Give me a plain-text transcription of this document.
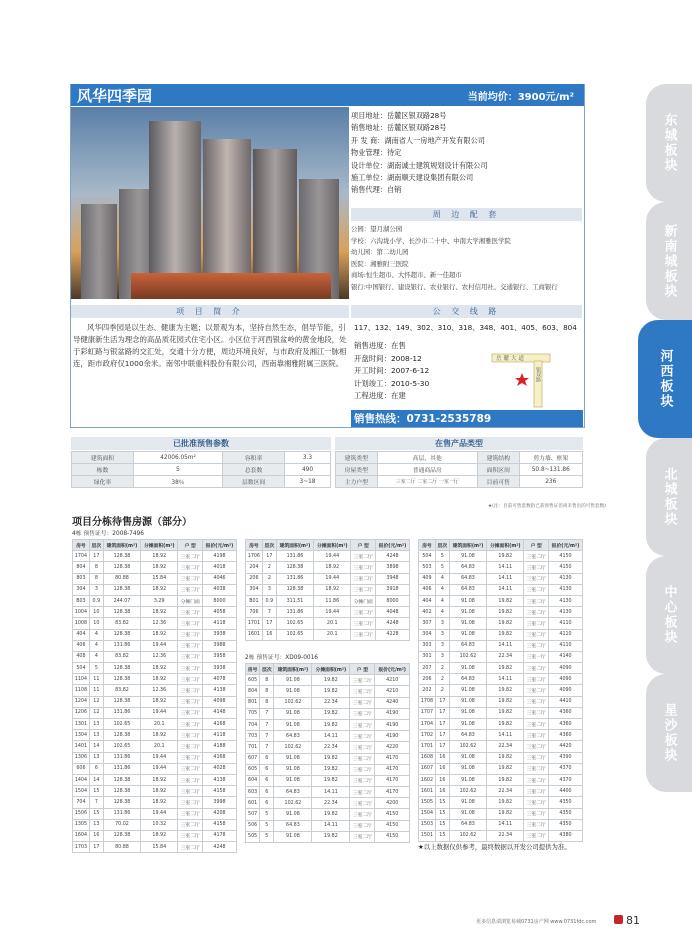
东城板块
新南城板块
河西板块
北城板块
中心板块
星沙板块
风华四季园	当前均价：3900元/m²
项目地址：岳麓区银双路28号
销售地址：岳麓区银双路28号
开 发 商：湖南省人一房地产开发有限公司
物业管理：待定
设计单位：湖南诚士建筑规划设计有限公司
施工单位：湖南顺天建设集团有限公司
销售代理：自销
周 边 配 套
公园：望月湖公园
学校：六沟垅小学、长沙市二十中、中南大学湘雅医学院
幼儿园：第二幼儿园
医院：湘雅附三医院
商场:恒生超市、大怀超市、新一佳超市
银行:中国银行、建设银行、农业银行、农村信用社、交通银行、工商银行
项 目 简 介
风华四季园是以生态、健康为主题；以景观为本，坚持自然生态，倡导节能，引导健康新生活为理念的高品质花园式住宅小区。小区位于河西银盆岭的黄金地段，处于彩虹路与银盆路的交汇处，交通十分方便，周边环境良好，与市政府及湘江一脉相连，距市政府仅1000余米。南邻中联重科股份有限公司，西南靠湘雅附属三医院。
公 交 线 路
117、132、149、302、310、318、348、401、405、603、804
销售进度：在售
开盘时间：2008-12
开工时间：2007-6-12
计划竣工：2010-5-30
工程进度：在建
岳麓大道
银双路
销售热线：0731-2535789
已批准预售参数
建筑面积	42006.05m²	容积率	3.3
栋数	5	总套数	490
绿化率	38％	层数区间	3~18
在售产品类型
建筑类型	高层、其他	建筑结构	剪力墙、框架
房屋类型	普通商品房	面积区间	50.8~131.86
主力户型	三室二厅 二室二厅 一室一厅	目前可售	236
★(注：目前可售套数指已获预售证但尚未售出的可售套数)
项目分栋待售房源（部分）
4栋 预售证号：2008-7496
房号	层次	建筑面积(m²)	分摊面积(m²)	户 型	报价(元/m²)
1704	17	128.38	18.92	三室二厅	4198
804	8	128.38	18.92	三室二厅	4018
803	8	80.88	15.84	三室二厅	4046
304	3	128.38	18.92	三室二厅	4038
B03	0.9	244.07	3.29	分摊门面	8000
1004	10	128.38	18.92	三室二厅	4058
1008	10	83.82	12.36	三室二厅	4118
404	4	128.38	18.92	三室二厅	3938
406	4	131.86	19.44	三室二厅	3988
408	4	83.82	12.36	三室二厅	3958
504	5	128.38	18.92	三室二厅	3938
1104	11	128.38	18.92	三室二厅	4078
1108	11	83.82	12.36	三室二厅	4138
1204	12	128.38	18.92	三室二厅	4098
1206	12	131.86	19.44	三室二厅	4148
1301	13	102.65	20.1	三室二厅	4168
1304	13	128.38	18.92	三室二厅	4118
1401	14	102.65	20.1	三室二厅	4188
1306	13	131.86	19.44	三室二厅	4168
606	6	131.86	19.44	三室二厅	4028
1404	14	128.38	18.92	三室二厅	4138
1504	15	128.38	18.92	三室二厅	4158
704	7	128.38	18.92	三室二厅	3998
1506	15	131.86	19.44	三室二厅	4208
1305	13	70.02	10.32	三室二厅	4158
1604	16	128.38	18.92	三室二厅	4178
1703	17	80.88	15.84	三室二厅	4248
房号	层次	建筑面积(m²)	分摊面积(m²)	户 型	报价(元/m²)
1706	17	131.86	19.44	三室二厅	4248
204	2	128.38	18.92	三室二厅	3898
206	2	131.86	19.44	三室二厅	3948
304	3	128.38	18.92	三室二厅	3918
B01	0.9	311.51	11.86	分摊门面	8000
706	7	131.86	19.44	三室二厅	4048
1701	17	102.65	20.1	三室二厅	4248
1601	16	102.65	20.1	三室二厅	4228
2栋 预售证号：XD09-0016
房号	层次	建筑面积(m²)	分摊面积(m²)	户 型	报价(元/m²)
605	8	91.08	19.82	三室二厅	4210
804	8	91.08	19.82	三室二厅	4210
801	8	102.62	22.34	三室二厅	4240
705	7	91.08	19.82	三室二厅	4190
704	7	91.08	19.82	三室二厅	4190
703	7	64.83	14.11	三室二厅	4190
701	7	102.62	22.34	三室二厅	4220
607	6	91.08	19.82	三室二厅	4170
605	6	91.08	19.82	三室二厅	4170
604	6	91.08	19.82	三室二厅	4170
603	6	64.83	14.11	三室二厅	4170
601	6	102.62	22.34	三室二厅	4200
507	5	91.08	19.82	三室二厅	4150
506	5	64.83	14.11	三室二厅	4150
505	5	91.08	19.82	三室二厅	4150
房号	层次	建筑面积(m²)	分摊面积(m²)	户 型	报价(元/m²)
504	5	91.08	19.82	三室二厅	4150
503	5	64.83	14.11	三室二厅	4150
409	4	64.83	14.11	三室二厅	4130
406	4	64.83	14.11	三室二厅	4130
404	4	91.08	19.82	三室二厅	4130
402	4	91.08	19.82	三室二厅	4130
307	3	91.08	19.82	三室二厅	4110
304	3	91.08	19.82	三室二厅	4110
303	3	64.83	14.11	三室二厅	4110
301	3	102.62	22.34	三室一厅	4140
207	2	91.08	19.82	三室二厅	4090
206	2	64.83	14.11	三室二厅	4090
202	2	91.08	19.82	三室二厅	4090
1708	17	91.08	19.82	三室二厅	4410
1707	17	91.08	19.82	三室二厅	4360
1704	17	91.08	19.82	三室二厅	4360
1702	17	64.83	14.11	三室二厅	4360
1701	17	102.62	22.34	三室二厅	4420
1608	16	91.08	19.82	三室二厅	4390
1607	16	91.08	19.82	三室二厅	4370
1602	16	91.08	19.82	三室二厅	4370
1601	16	102.62	22.34	三室二厅	4400
1505	15	91.08	19.82	三室二厅	4350
1504	15	91.08	19.82	三室二厅	4350
1503	15	64.83	14.11	三室二厅	4350
1501	15	102.62	22.34	三室二厅	4380
★以上数据仅供参考，最终数据以开发公司提供为准。
更多信息请浏览易城0731房产网 www.0731fdc.com	81
